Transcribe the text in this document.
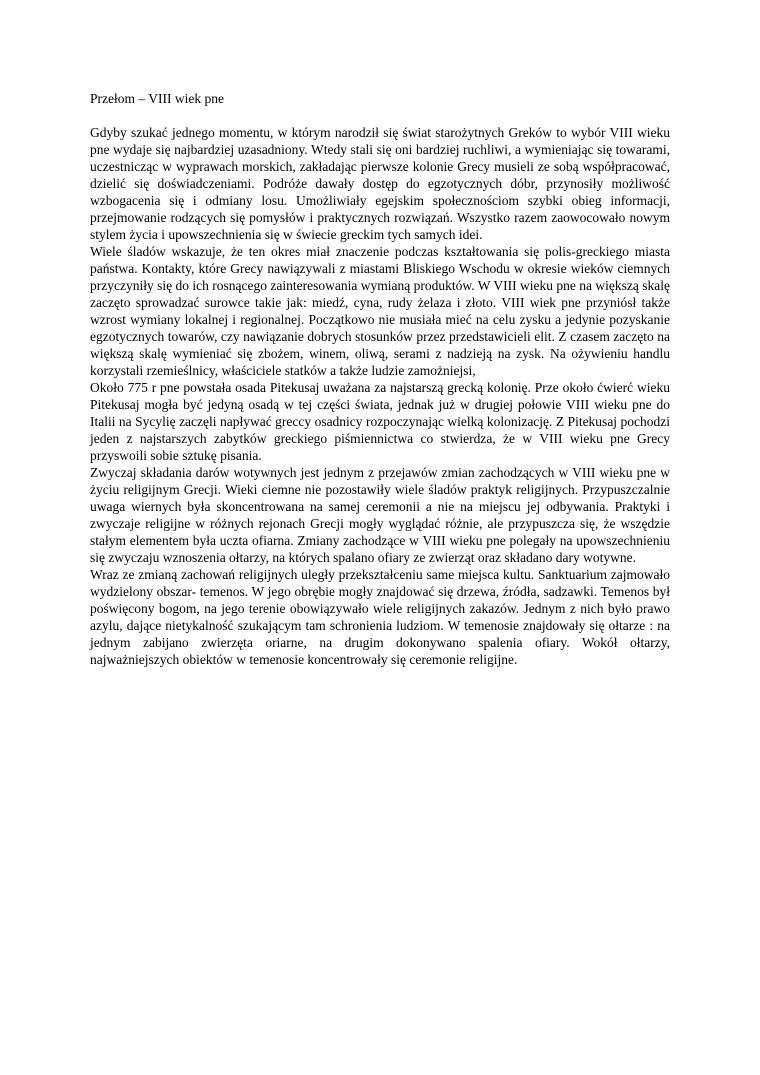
Przełom – VIII wiek pne

Gdyby szukać jednego momentu, w którym narodził się świat starożytnych Greków to wybór VIII wieku pne wydaje się najbardziej uzasadniony. Wtedy stali się oni bardziej ruchliwi, a wymieniając się towarami, uczestnicząc w wyprawach morskich, zakładając pierwsze kolonie Grecy musieli ze sobą współpracować, dzielić się doświadczeniami. Podróże dawały dostęp do egzotycznych dóbr, przynosiły możliwość wzbogacenia się i odmiany losu. Umożliwiały egejskim społecznościom szybki obieg informacji, przejmowanie rodzących się pomysłów i praktycznych rozwiązań. Wszystko razem zaowocowało nowym stylem życia i upowszechnienia się w świecie greckim tych samych idei.

Wiele śladów wskazuje, że ten okres miał znaczenie podczas kształtowania się polis-greckiego miasta państwa. Kontakty, które Grecy nawiązywali z miastami Bliskiego Wschodu w okresie wieków ciemnych przyczyniły się do ich rosnącego zainteresowania wymianą produktów. W VIII wieku pne na większą skalę zaczęto sprowadzać surowce takie jak: miedź, cyna, rudy żelaza i złoto. VIII wiek pne przyniósł także wzrost wymiany lokalnej i regionalnej. Początkowo nie musiała mieć na celu zysku a jedynie pozyskanie egzotycznych towarów, czy nawiązanie dobrych stosunków przez przedstawicieli elit. Z czasem zaczęto na większą skalę wymieniać się zbożem, winem, oliwą, serami z nadzieją na zysk. Na ożywieniu handlu korzystali rzemieślnicy, właściciele statków a także ludzie zamożniejsi,

Około 775 r pne powstała osada Pitekusaj uważana za najstarszą grecką kolonię. Prze około ćwierć wieku Pitekusaj mogła być jedyną osadą w tej części świata, jednak już w drugiej połowie VIII wieku pne do Italii na Sycylię zaczęli napływać greccy osadnicy rozpoczynając wielką kolonizację. Z Pitekusaj pochodzi jeden z najstarszych zabytków greckiego piśmiennictwa co stwierdza, że w VIII wieku pne Grecy przyswoili sobie sztukę pisania.

Zwyczaj składania darów wotywnych jest jednym z przejawów zmian zachodzących w VIII wieku pne w życiu religijnym Grecji. Wieki ciemne nie pozostawiły wiele śladów praktyk religijnych. Przypuszczalnie uwaga wiernych była skoncentrowana na samej ceremonii a nie na miejscu jej odbywania. Praktyki i zwyczaje religijne w różnych rejonach Grecji mogły wyglądać różnie, ale przypuszcza się, że wszędzie stałym elementem była uczta ofiarna. Zmiany zachodzące w VIII wieku pne polegały na upowszechnieniu się zwyczaju wznoszenia ołtarzy, na których spalano ofiary ze zwierząt oraz składano dary wotywne.

Wraz ze zmianą zachowań religijnych uległy przekształceniu same miejsca kultu. Sanktuarium zajmowało wydzielony obszar- temenos. W jego obrębie mogły znajdować się drzewa, źródła, sadzawki. Temenos był poświęcony bogom, na jego terenie obowiązywało wiele religijnych zakazów. Jednym z nich było prawo azylu, dające nietykalność szukającym tam schronienia ludziom. W temenosie znajdowały się ołtarze : na jednym zabijano zwierzęta oriarne, na drugim dokonywano spalenia ofiary. Wokół ołtarzy, najważniejszych obiektów w temenosie koncentrowały się ceremonie religijne.
